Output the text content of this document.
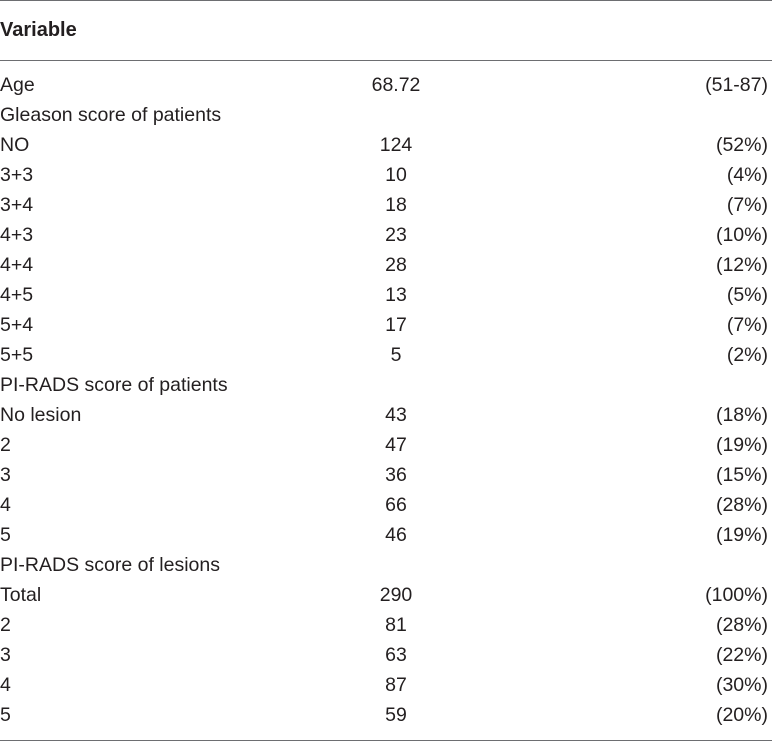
Variable
Age	68.72	(51-87)
Gleason score of patients
NO	124	(52%)
3+3	10	(4%)
3+4	18	(7%)
4+3	23	(10%)
4+4	28	(12%)
4+5	13	(5%)
5+4	17	(7%)
5+5	5	(2%)
PI-RADS score of patients
No lesion	43	(18%)
2	47	(19%)
3	36	(15%)
4	66	(28%)
5	46	(19%)
PI-RADS score of lesions
Total	290	(100%)
2	81	(28%)
3	63	(22%)
4	87	(30%)
5	59	(20%)
